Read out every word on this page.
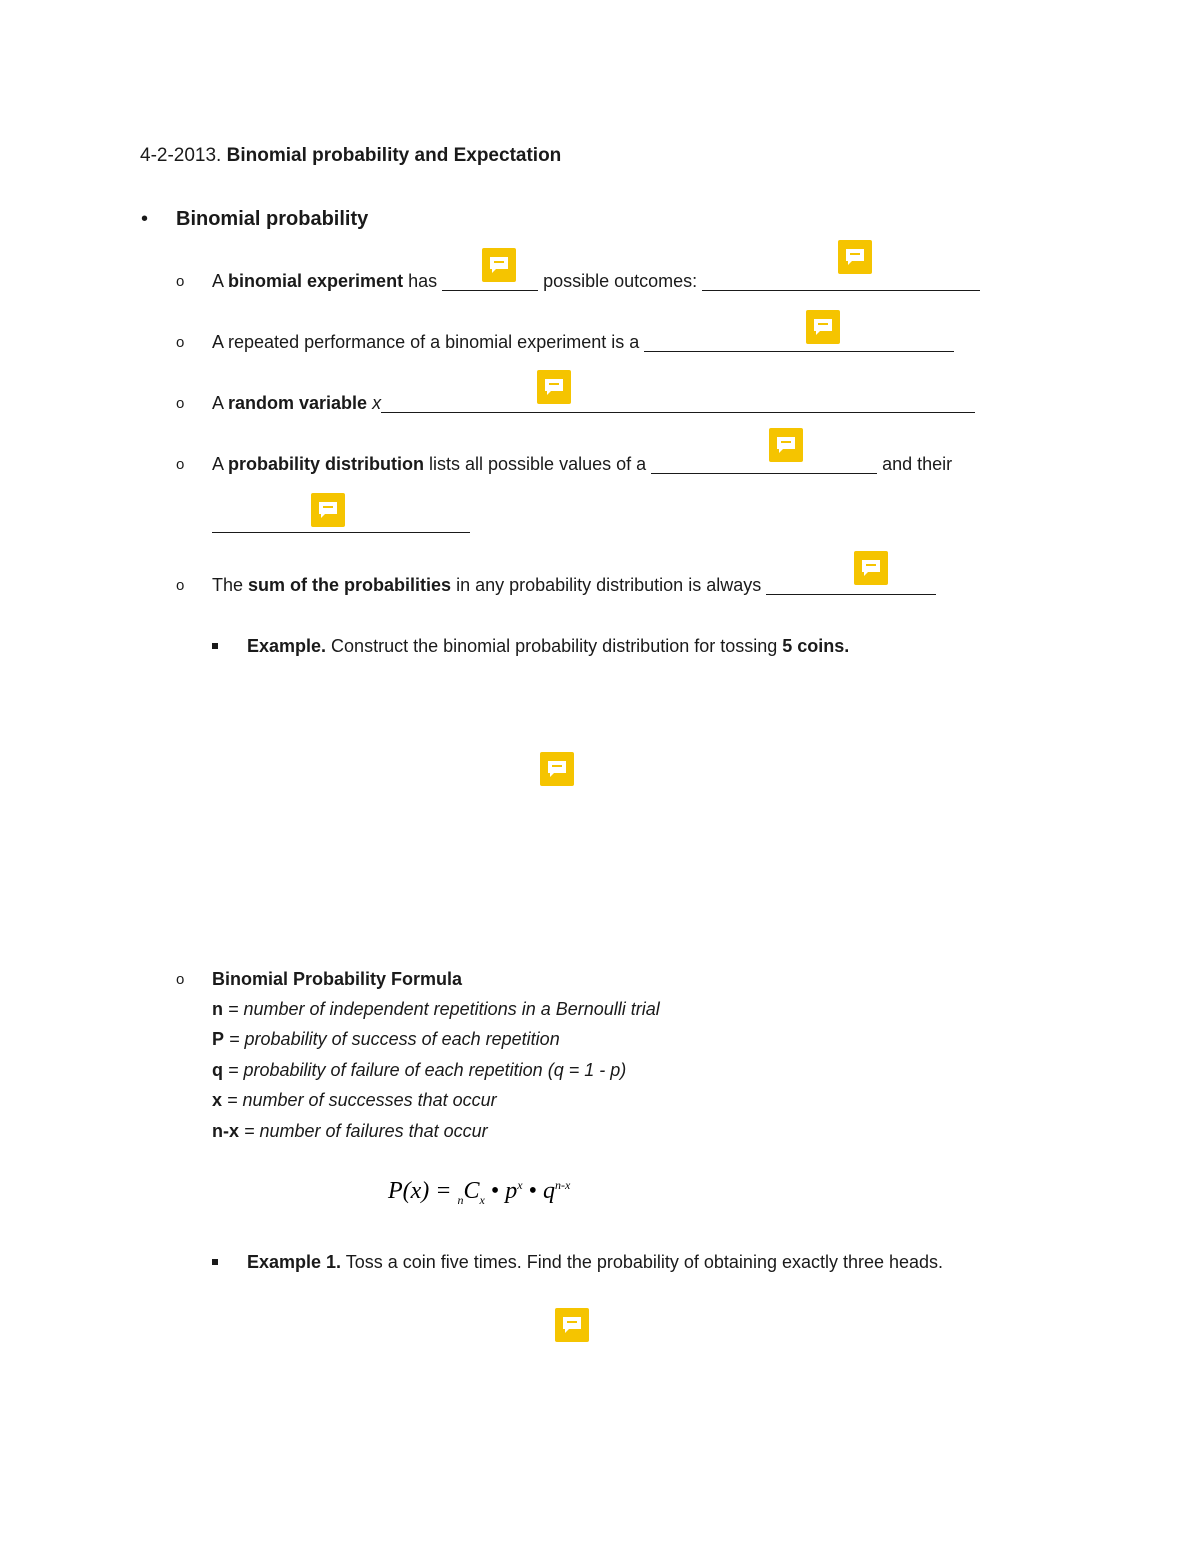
4-2-2013. Binomial probability and Expectation
• Binomial probability
o A binomial experiment has	possible outcomes:
o A repeated performance of a binomial experiment is a
o A random variable x
o A probability distribution lists all possible values of a	and their
o The sum of the probabilities in any probability distribution is always
Example. Construct the binomial probability distribution for tossing 5 coins.
o Binomial Probability Formula
n = number of independent repetitions in a Bernoulli trial
P = probability of success of each repetition
q = probability of failure of each repetition (q = 1 - p)
x = number of successes that occur
n-x = number of failures that occur
$P(x) = _nC_x$ • $p^x$ • $q^{n-x}$
Example 1. Toss a coin five times. Find the probability of obtaining exactly three heads.
